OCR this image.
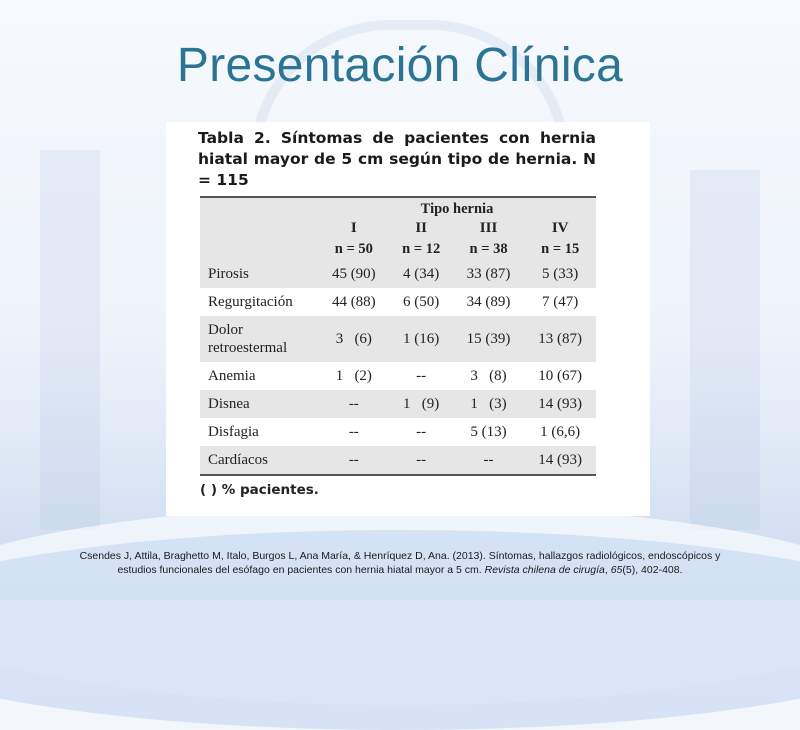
Presentación Clínica
Tabla 2. Síntomas de pacientes con hernia hiatal mayor de 5 cm según tipo de hernia. N = 115
	Tipo hernia			
	I	II	III	IV
	n = 50	n = 12	n = 38	n = 15
Pirosis	45 (90)	4 (34)	33 (87)	5 (33)
Regurgitación	44 (88)	6 (50)	34 (89)	7 (47)
Dolor retroestermal	3   (6)	1 (16)	15 (39)	13 (87)
Anemia	1   (2)	--	3   (8)	10 (67)
Disnea	--	1   (9)	1   (3)	14 (93)
Disfagia	--	--	5 (13)	1 (6,6)
Cardíacos	--	--	--	14 (93)
( ) % pacientes.
Csendes J, Attila, Braghetto M, Italo, Burgos L, Ana María, & Henríquez D, Ana. (2013). Síntomas, hallazgos radiológicos, endoscópicos y
estudios funcionales del esófago en pacientes con hernia hiatal mayor a 5 cm. Revista chilena de cirugía, 65(5), 402-408.
